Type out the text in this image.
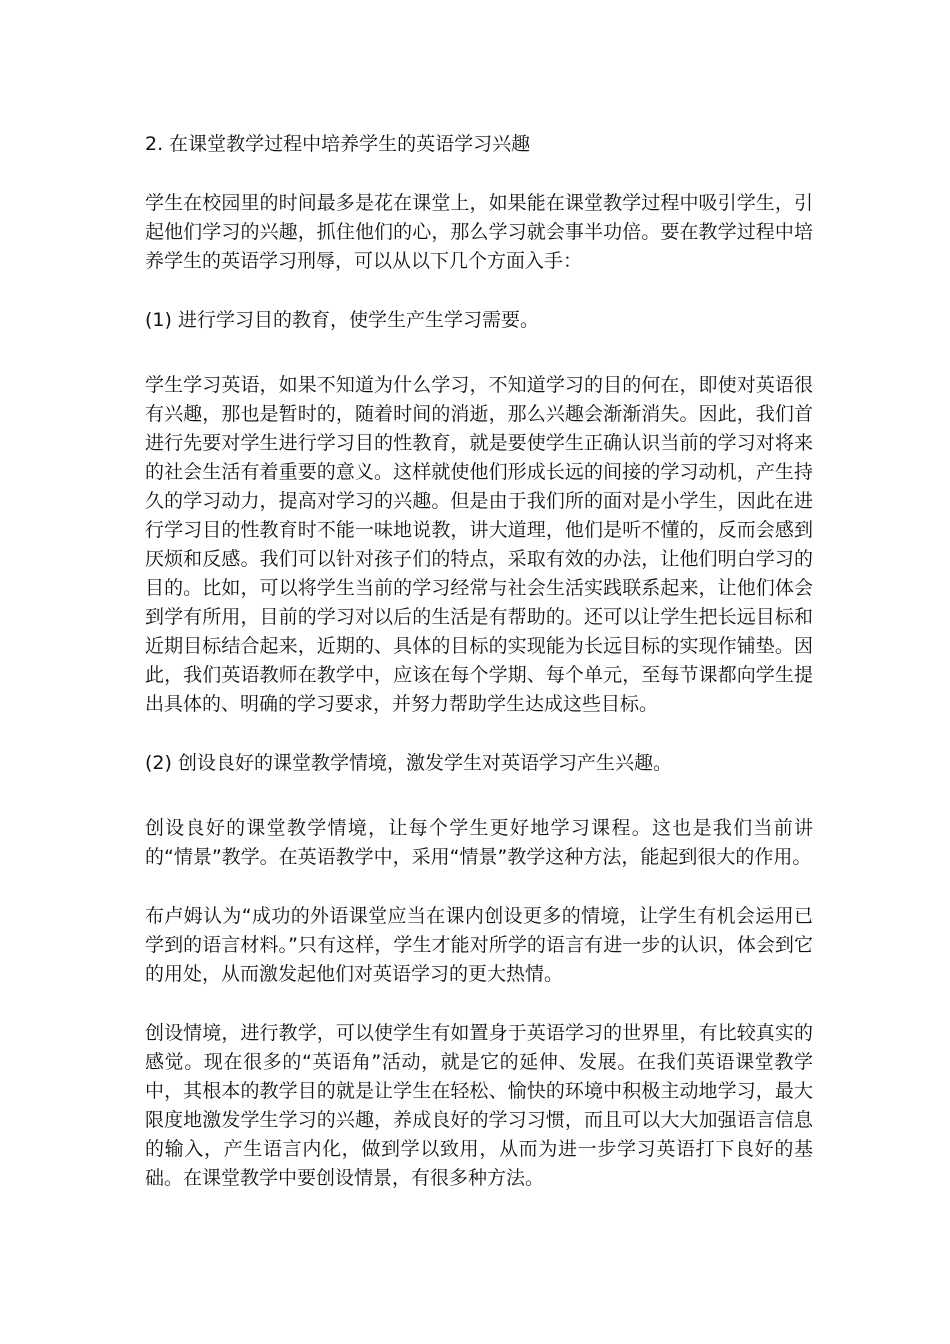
2. 在课堂教学过程中培养学生的英语学习兴趣

学生在校园里的时间最多是花在课堂上，如果能在课堂教学过程中吸引学生，引起他们学习的兴趣，抓住他们的心，那么学习就会事半功倍。要在教学过程中培养学生的英语学习刑辱，可以从以下几个方面入手：

(1) 进行学习目的教育，使学生产生学习需要。

学生学习英语，如果不知道为什么学习，不知道学习的目的何在，即使对英语很有兴趣，那也是暂时的，随着时间的消逝，那么兴趣会渐渐消失。因此，我们首进行先要对学生进行学习目的性教育，就是要使学生正确认识当前的学习对将来的社会生活有着重要的意义。这样就使他们形成长远的间接的学习动机，产生持久的学习动力，提高对学习的兴趣。但是由于我们所的面对是小学生，因此在进行学习目的性教育时不能一味地说教，讲大道理，他们是听不懂的，反而会感到厌烦和反感。我们可以针对孩子们的特点，采取有效的办法，让他们明白学习的目的。比如，可以将学生当前的学习经常与社会生活实践联系起来，让他们体会到学有所用，目前的学习对以后的生活是有帮助的。还可以让学生把长远目标和近期目标结合起来，近期的、具体的目标的实现能为长远目标的实现作铺垫。因此，我们英语教师在教学中，应该在每个学期、每个单元，至每节课都向学生提出具体的、明确的学习要求，并努力帮助学生达成这些目标。

(2) 创设良好的课堂教学情境，激发学生对英语学习产生兴趣。

创设良好的课堂教学情境，让每个学生更好地学习课程。这也是我们当前讲的“情景”教学。在英语教学中，采用“情景”教学这种方法，能起到很大的作用。

布卢姆认为“成功的外语课堂应当在课内创设更多的情境，让学生有机会运用已学到的语言材料。”只有这样，学生才能对所学的语言有进一步的认识，体会到它的用处，从而激发起他们对英语学习的更大热情。

创设情境，进行教学，可以使学生有如置身于英语学习的世界里，有比较真实的感觉。现在很多的“英语角”活动，就是它的延伸、发展。在我们英语课堂教学中，其根本的教学目的就是让学生在轻松、愉快的环境中积极主动地学习，最大限度地激发学生学习的兴趣，养成良好的学习习惯，而且可以大大加强语言信息的输入，产生语言内化，做到学以致用，从而为进一步学习英语打下良好的基础。在课堂教学中要创设情景，有很多种方法。
